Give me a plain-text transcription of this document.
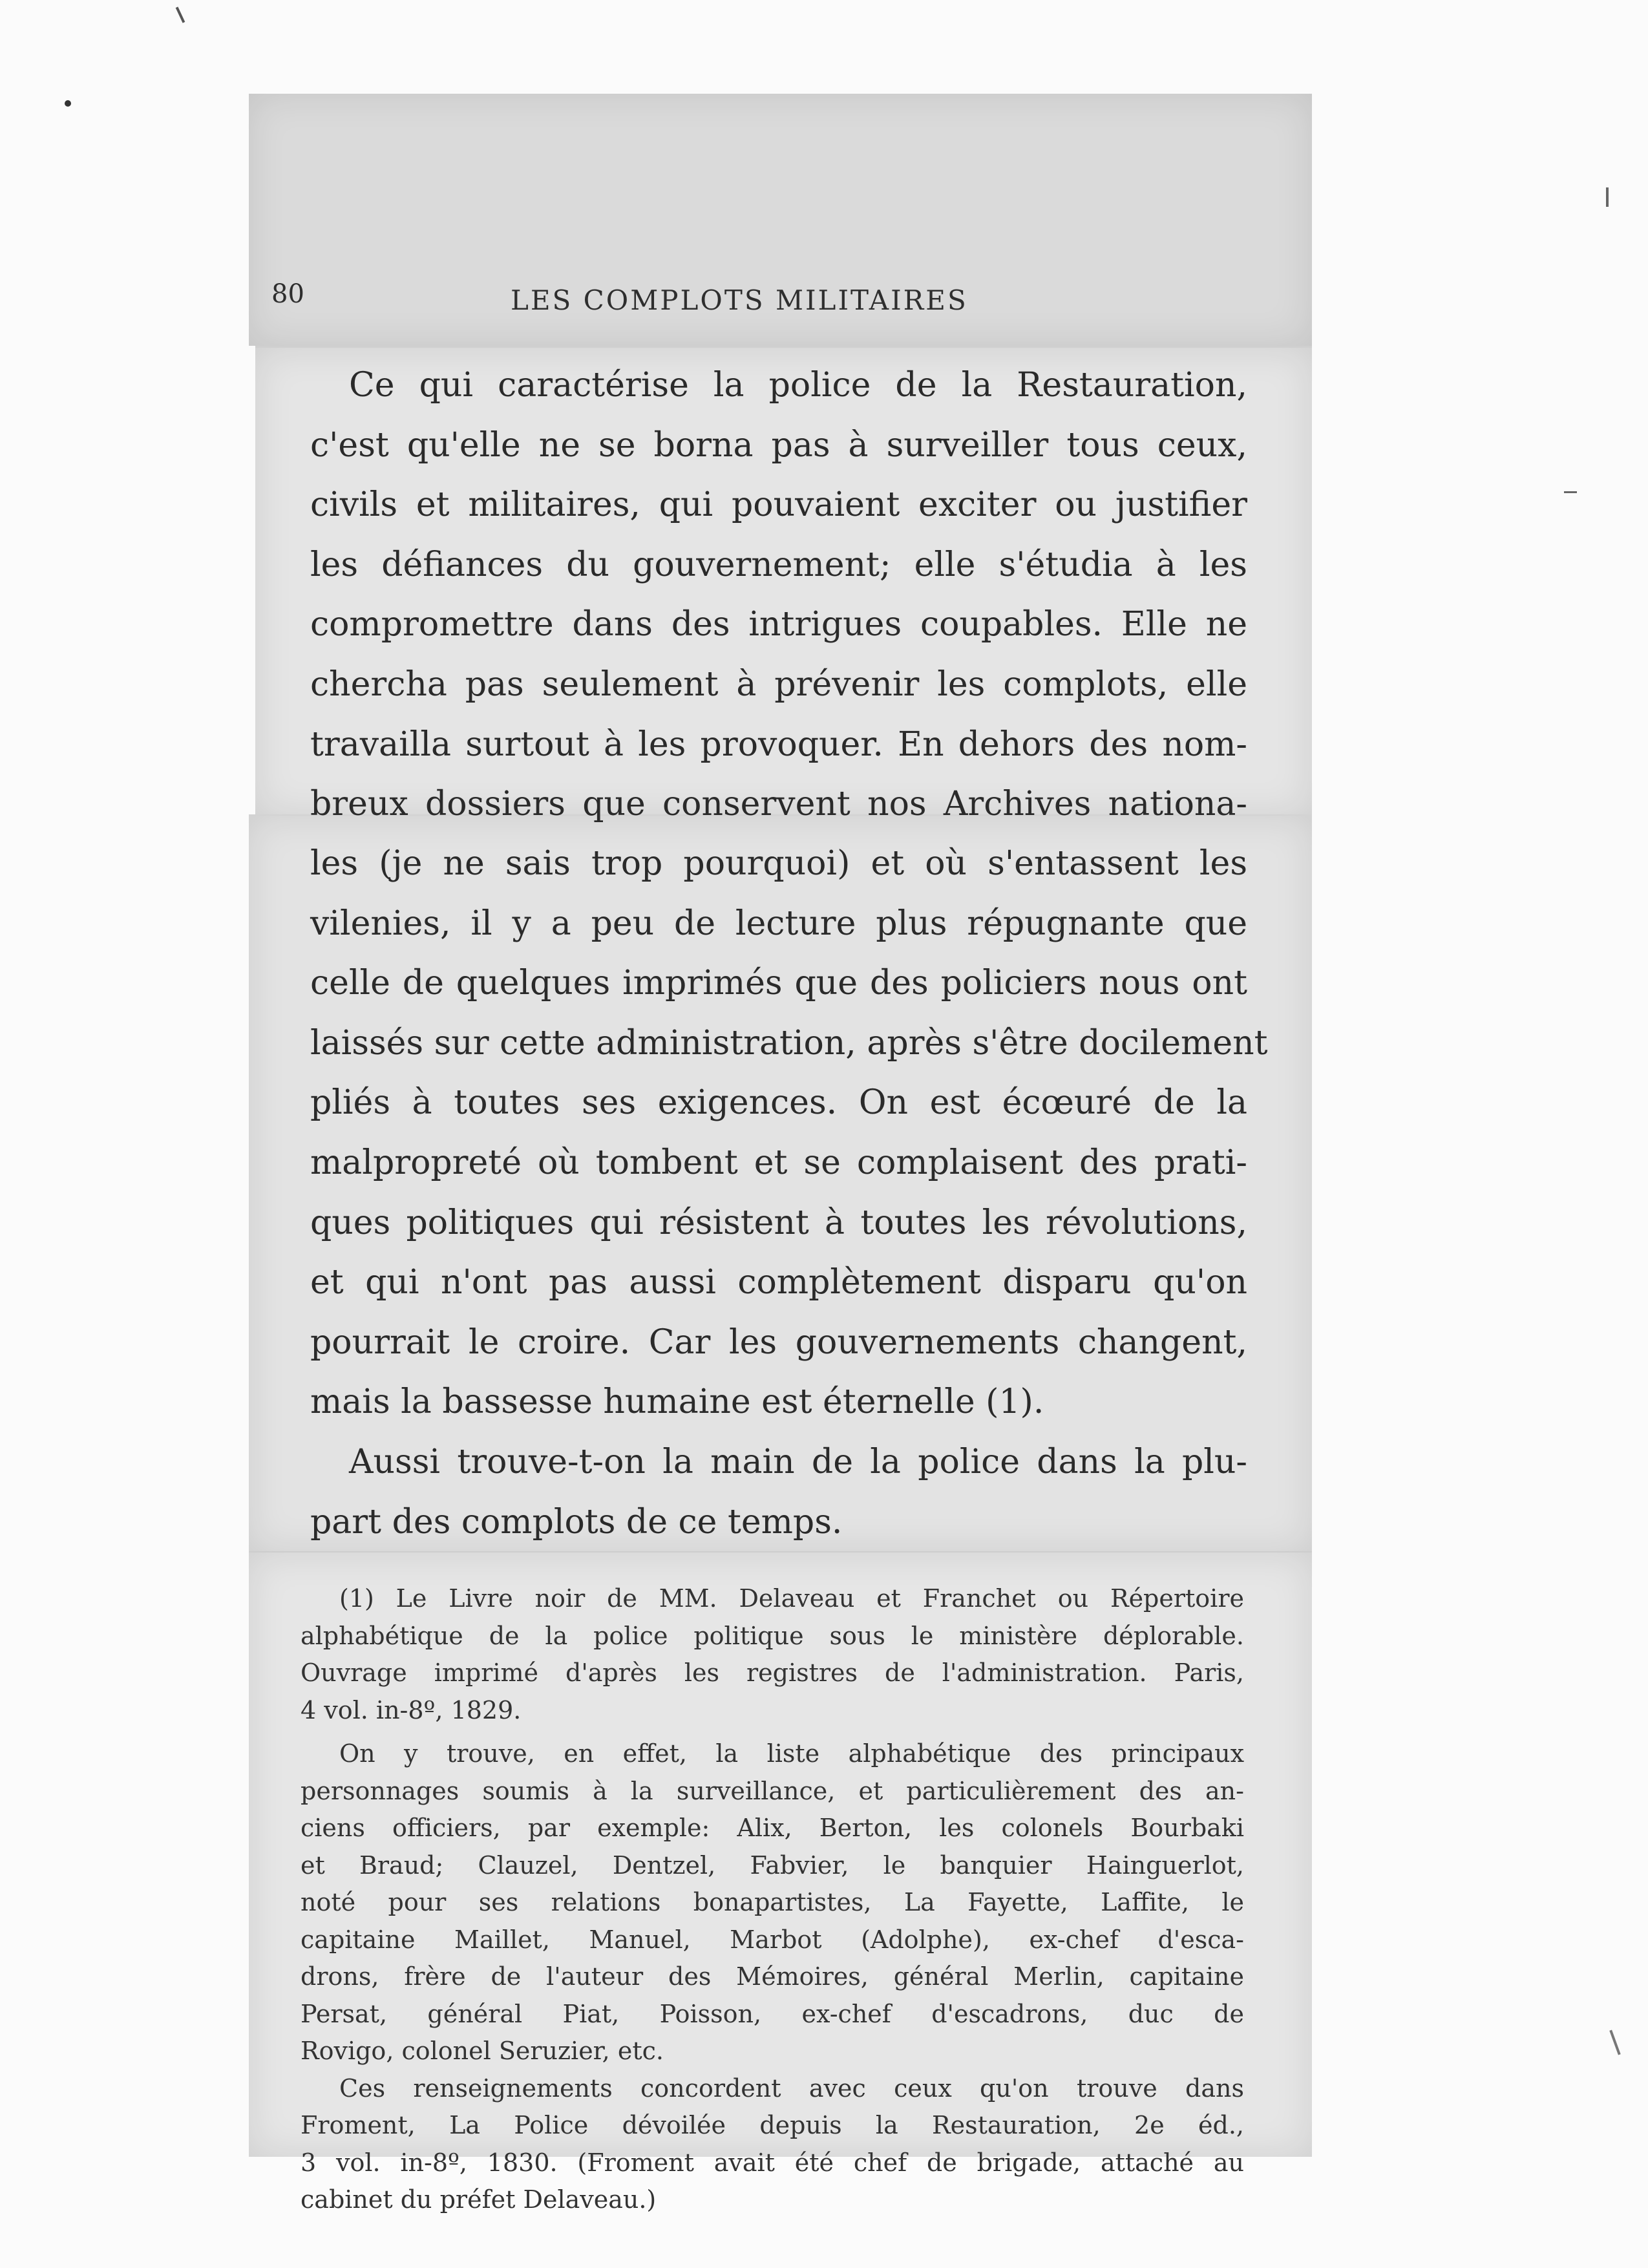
80	LES COMPLOTS MILITAIRES
Ce qui caractérise la police de la Restauration,
c'est qu'elle ne se borna pas à surveiller tous ceux,
civils et militaires, qui pouvaient exciter ou justifier
les défiances du gouvernement; elle s'étudia à les
compromettre dans des intrigues coupables. Elle ne
chercha pas seulement à prévenir les complots, elle
travailla surtout à les provoquer. En dehors des nom-
breux dossiers que conservent nos Archives nationa-
les (je ne sais trop pourquoi) et où s'entassent les
vilenies, il y a peu de lecture plus répugnante que
celle de quelques imprimés que des policiers nous ont
laissés sur cette administration, après s'être docilement
pliés à toutes ses exigences. On est écœuré de la
malpropreté où tombent et se complaisent des prati-
ques politiques qui résistent à toutes les révolutions,
et qui n'ont pas aussi complètement disparu qu'on
pourrait le croire. Car les gouvernements changent,
mais la bassesse humaine est éternelle (1).
Aussi trouve-t-on la main de la police dans la plu-
part des complots de ce temps.
(1) Le Livre noir de MM. Delaveau et Franchet ou Répertoire
alphabétique de la police politique sous le ministère déplorable.
Ouvrage imprimé d'après les registres de l'administration. Paris,
4 vol. in-8º, 1829.
On y trouve, en effet, la liste alphabétique des principaux
personnages soumis à la surveillance, et particulièrement des an-
ciens officiers, par exemple: Alix, Berton, les colonels Bourbaki
et Braud; Clauzel, Dentzel, Fabvier, le banquier Hainguerlot,
noté pour ses relations bonapartistes, La Fayette, Laffite, le
capitaine Maillet, Manuel, Marbot (Adolphe), ex-chef d'esca-
drons, frère de l'auteur des Mémoires, général Merlin, capitaine
Persat, général Piat, Poisson, ex-chef d'escadrons, duc de
Rovigo, colonel Seruzier, etc.
Ces renseignements concordent avec ceux qu'on trouve dans
Froment, La Police dévoilée depuis la Restauration, 2e éd.,
3 vol. in-8º, 1830. (Froment avait été chef de brigade, attaché au
cabinet du préfet Delaveau.)
